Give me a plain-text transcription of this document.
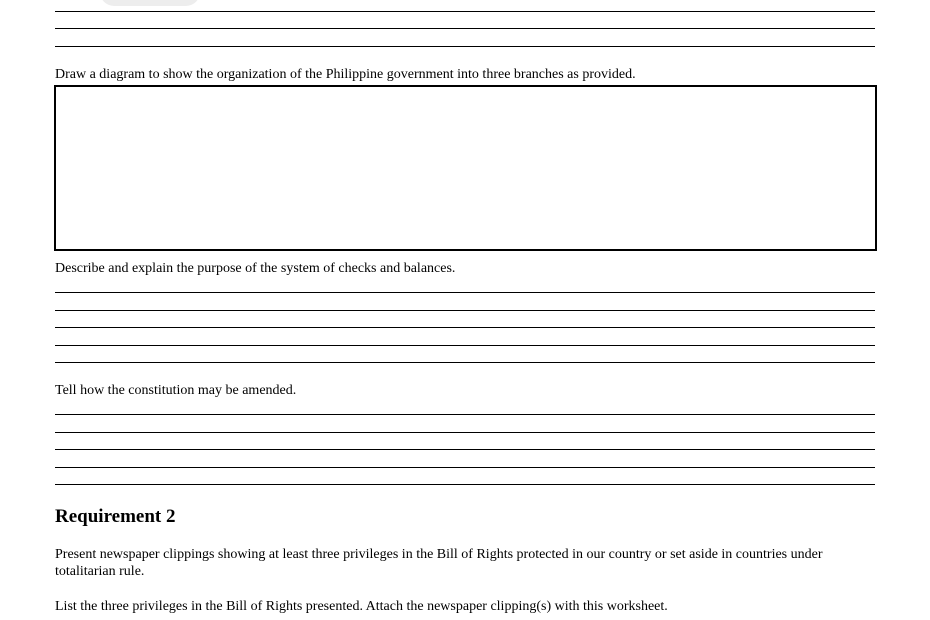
Draw a diagram to show the organization of the Philippine government into three branches as provided.
Describe and explain the purpose of the system of checks and balances.
Tell how the constitution may be amended.
Requirement 2
Present newspaper clippings showing at least three privileges in the Bill of Rights protected in our country or set aside in countries under totalitarian rule.
List the three privileges in the Bill of Rights presented. Attach the newspaper clipping(s) with this worksheet.
